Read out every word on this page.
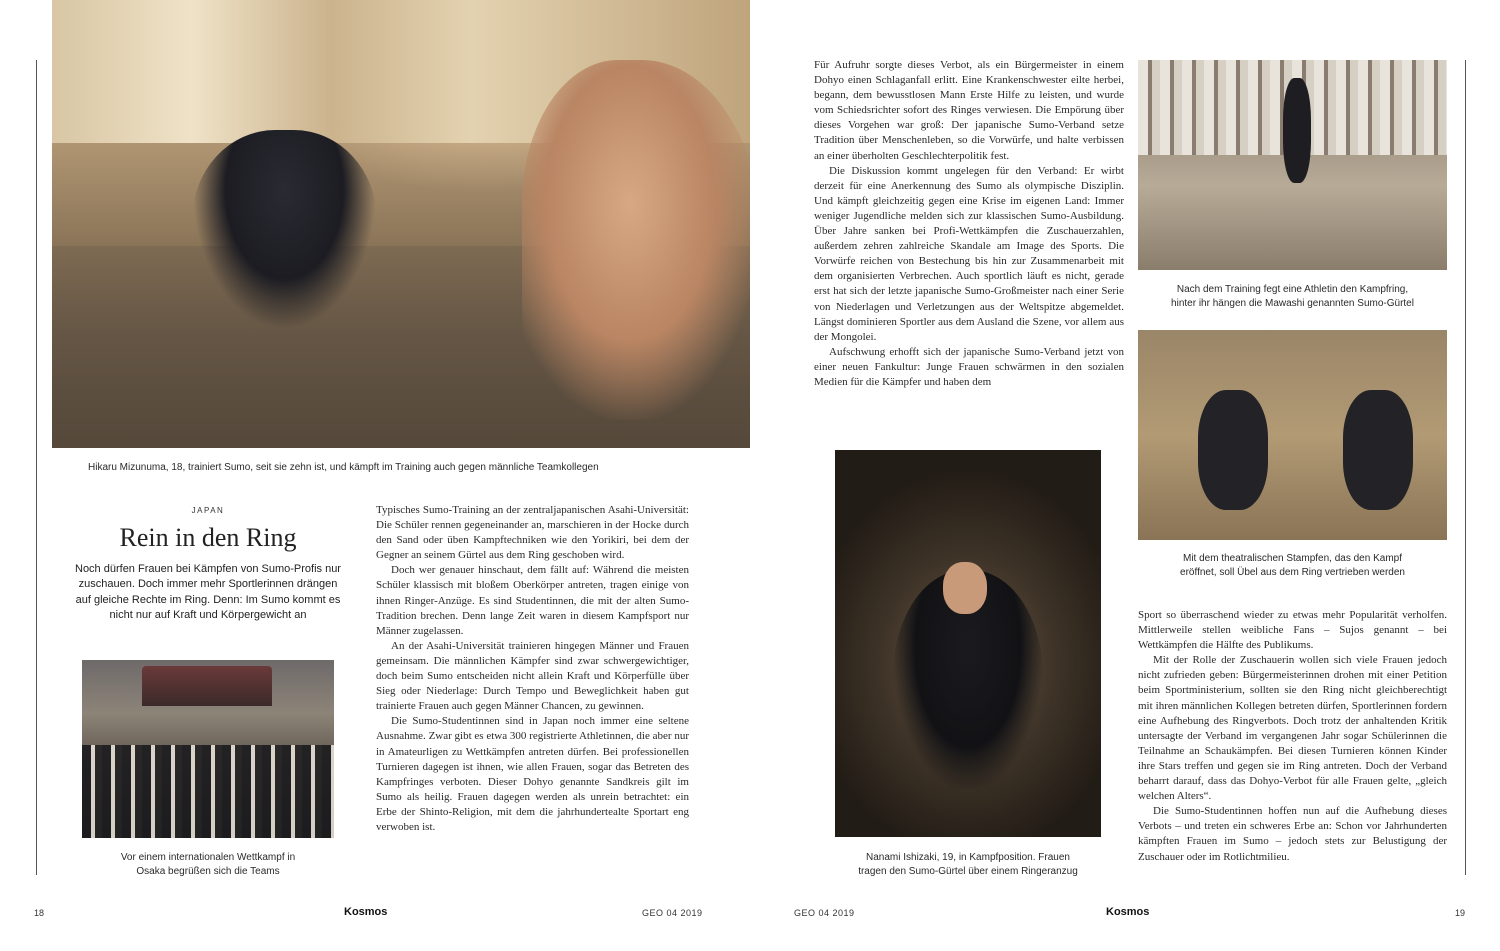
Hikaru Mizunuma, 18, trainiert Sumo, seit sie zehn ist, und kämpft im Training auch gegen männliche Teamkollegen
Vor einem internationalen Wettkampf in
Osaka begrüßen sich die Teams
Nanami Ishizaki, 19, in Kampfposition. Frauen
tragen den Sumo-Gürtel über einem Ringeranzug
Nach dem Training fegt eine Athletin den Kampfring,
hinter ihr hängen die Mawashi genannten Sumo-Gürtel
Mit dem theatralischen Stampfen, das den Kampf
eröffnet, soll Übel aus dem Ring vertrieben werden
JAPAN
Rein in den Ring
Noch dürfen Frauen bei Kämpfen von Sumo-Profis nur zuschauen. Doch immer mehr Sportlerinnen drängen auf gleiche Rechte im Ring. Denn: Im Sumo kommt es nicht nur auf Kraft und Körpergewicht an

Typisches Sumo-Training an der zentraljapanischen Asahi-Universität: Die Schüler rennen gegeneinander an, marschieren in der Hocke durch den Sand oder üben Kampftechniken wie den Yorikiri, bei dem der Gegner an seinem Gürtel aus dem Ring geschoben wird.

Doch wer genauer hinschaut, dem fällt auf: Während die meisten Schüler klassisch mit bloßem Oberkörper antreten, tragen einige von ihnen Ringer-Anzüge. Es sind Studentinnen, die mit der alten Sumo-Tradition brechen. Denn lange Zeit waren in diesem Kampfsport nur Männer zugelassen.

An der Asahi-Universität trainieren hingegen Männer und Frauen gemeinsam. Die männlichen Kämpfer sind zwar schwergewichtiger, doch beim Sumo entscheiden nicht allein Kraft und Körperfülle über Sieg oder Niederlage: Durch Tempo und Beweglichkeit haben gut trainierte Frauen auch gegen Männer Chancen, zu gewinnen.

Die Sumo-Studentinnen sind in Japan noch immer eine seltene Ausnahme. Zwar gibt es etwa 300 registrierte Athletinnen, die aber nur in Amateurligen zu Wettkämpfen antreten dürfen. Bei professionellen Turnieren dagegen ist ihnen, wie allen Frauen, sogar das Betreten des Kampfringes verboten. Dieser Dohyo genannte Sandkreis gilt im Sumo als heilig. Frauen dagegen werden als unrein betrachtet: ein Erbe der Shinto-Religion, mit dem die jahrhundertealte Sportart eng verwoben ist.

Für Aufruhr sorgte dieses Verbot, als ein Bürgermeister in einem Dohyo einen Schlaganfall erlitt. Eine Krankenschwester eilte herbei, begann, dem bewusstlosen Mann Erste Hilfe zu leisten, und wurde vom Schiedsrichter sofort des Ringes verwiesen. Die Empörung über dieses Vorgehen war groß: Der japanische Sumo-Verband setze Tradition über Menschenleben, so die Vorwürfe, und halte verbissen an einer überholten Geschlechterpolitik fest.

Die Diskussion kommt ungelegen für den Verband: Er wirbt derzeit für eine Anerkennung des Sumo als olympische Disziplin. Und kämpft gleichzeitig gegen eine Krise im eigenen Land: Immer weniger Jugendliche melden sich zur klassischen Sumo-Ausbildung. Über Jahre sanken bei Profi-Wettkämpfen die Zuschauerzahlen, außerdem zehren zahlreiche Skandale am Image des Sports. Die Vorwürfe reichen von Bestechung bis hin zur Zusammenarbeit mit dem organisierten Verbrechen. Auch sportlich läuft es nicht, gerade erst hat sich der letzte japanische Sumo-Großmeister nach einer Serie von Niederlagen und Verletzungen aus der Weltspitze abgemeldet. Längst dominieren Sportler aus dem Ausland die Szene, vor allem aus der Mongolei.

Aufschwung erhofft sich der japanische Sumo-Verband jetzt von einer neuen Fankultur: Junge Frauen schwärmen in den sozialen Medien für die Kämpfer und haben dem

Sport so überraschend wieder zu etwas mehr Popularität verholfen. Mittlerweile stellen weibliche Fans – Sujos genannt – bei Wettkämpfen die Hälfte des Publikums.

Mit der Rolle der Zuschauerin wollen sich viele Frauen jedoch nicht zufrieden geben: Bürgermeisterinnen drohen mit einer Petition beim Sportministerium, sollten sie den Ring nicht gleichberechtigt mit ihren männlichen Kollegen betreten dürfen, Sportlerinnen fordern eine Aufhebung des Ringverbots. Doch trotz der anhaltenden Kritik untersagte der Verband im vergangenen Jahr sogar Schülerinnen die Teilnahme an Schaukämpfen. Bei diesen Turnieren können Kinder ihre Stars treffen und gegen sie im Ring antreten. Doch der Verband beharrt darauf, dass das Dohyo-Verbot für alle Frauen gelte, „gleich welchen Alters“.

Die Sumo-Studentinnen hoffen nun auf die Aufhebung dieses Verbots – und treten ein schweres Erbe an: Schon vor Jahrhunderten kämpften Frauen im Sumo – jedoch stets zur Belustigung der Zuschauer oder im Rotlichtmilieu.

18	Kosmos	GEO 04 2019	GEO 04 2019	Kosmos	19
